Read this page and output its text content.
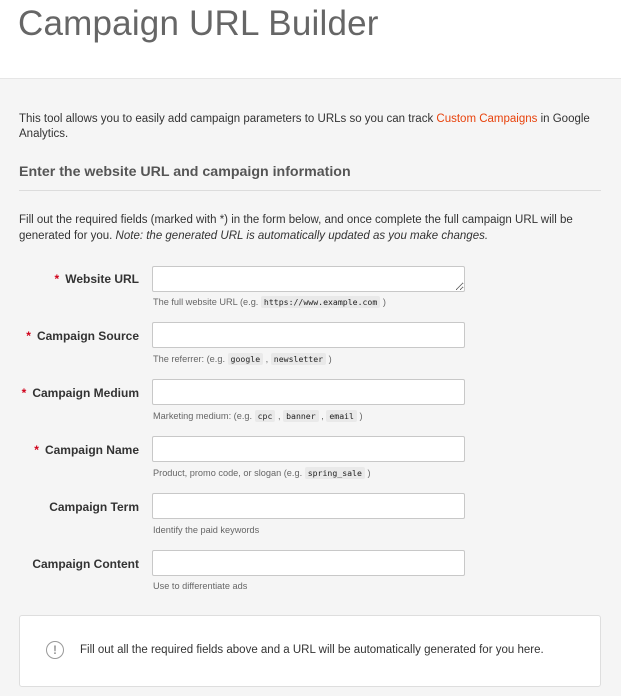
Campaign URL Builder

This tool allows you to easily add campaign parameters to URLs so you can track Custom Campaigns in Google Analytics.

Enter the website URL and campaign information

Fill out the required fields (marked with *) in the form below, and once complete the full campaign URL will be generated for you. Note: the generated URL is automatically updated as you make changes.

* Website URL
The full website URL (e.g. https://www.example.com )
* Campaign Source
The referrer: (e.g. google , newsletter )
* Campaign Medium
Marketing medium: (e.g. cpc , banner , email )
* Campaign Name
Product, promo code, or slogan (e.g. spring_sale )
Campaign Term
Identify the paid keywords
Campaign Content
Use to differentiate ads
!	Fill out all the required fields above and a URL will be automatically generated for you here.
